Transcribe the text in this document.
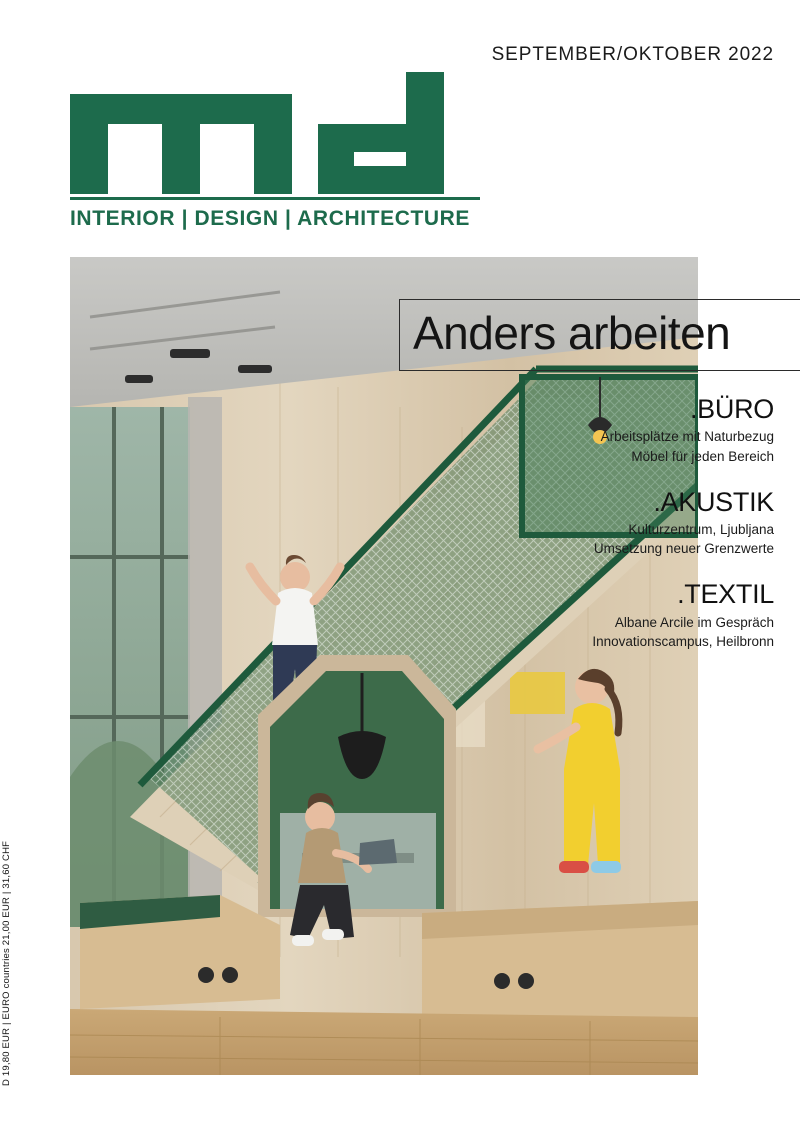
SEPTEMBER/OKTOBER 2022
INTERIOR | DESIGN | ARCHITECTURE
Anders arbeiten
.BÜRO
Arbeitsplätze mit Naturbezug
Möbel für jeden Bereich
.AKUSTIK
Kulturzentrum, Ljubljana
Umsetzung neuer Grenzwerte
.TEXTIL
Albane Arcile im Gespräch
Innovationscampus, Heilbronn
D 19,80 EUR | EURO countries 21,00 EUR | 31,60 CHF
